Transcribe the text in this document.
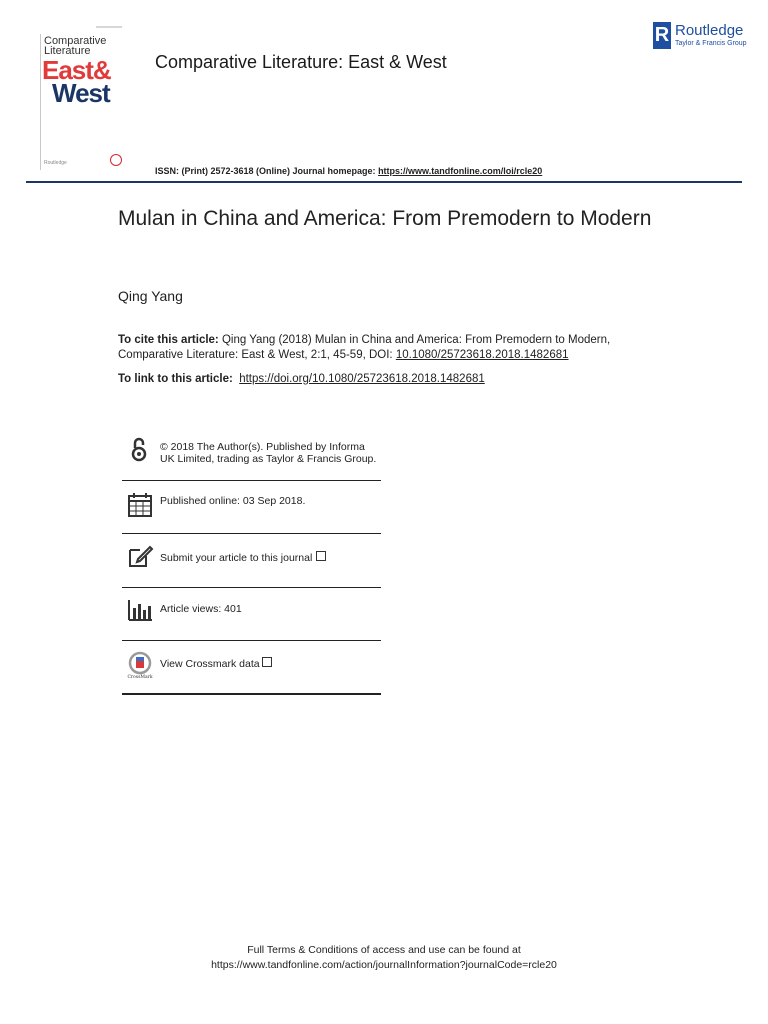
Comparative
Literature
East&
West
Routledge
Comparative Literature: East & West
R Routledge
Taylor & Francis Group
ISSN: (Print) 2572-3618 (Online) Journal homepage: https://www.tandfonline.com/loi/rcle20
Mulan in China and America: From Premodern to Modern
Qing Yang
To cite this article: Qing Yang (2018) Mulan in China and America: From Premodern to Modern, Comparative Literature: East & West, 2:1, 45-59, DOI: 10.1080/25723618.2018.1482681
To link to this article: https://doi.org/10.1080/25723618.2018.1482681
© 2018 The Author(s). Published by Informa UK Limited, trading as Taylor & Francis Group.
Published online: 03 Sep 2018.
Submit your article to this journal
Article views: 401
CrossMark
View Crossmark data
Full Terms & Conditions of access and use can be found at
https://www.tandfonline.com/action/journalInformation?journalCode=rcle20
